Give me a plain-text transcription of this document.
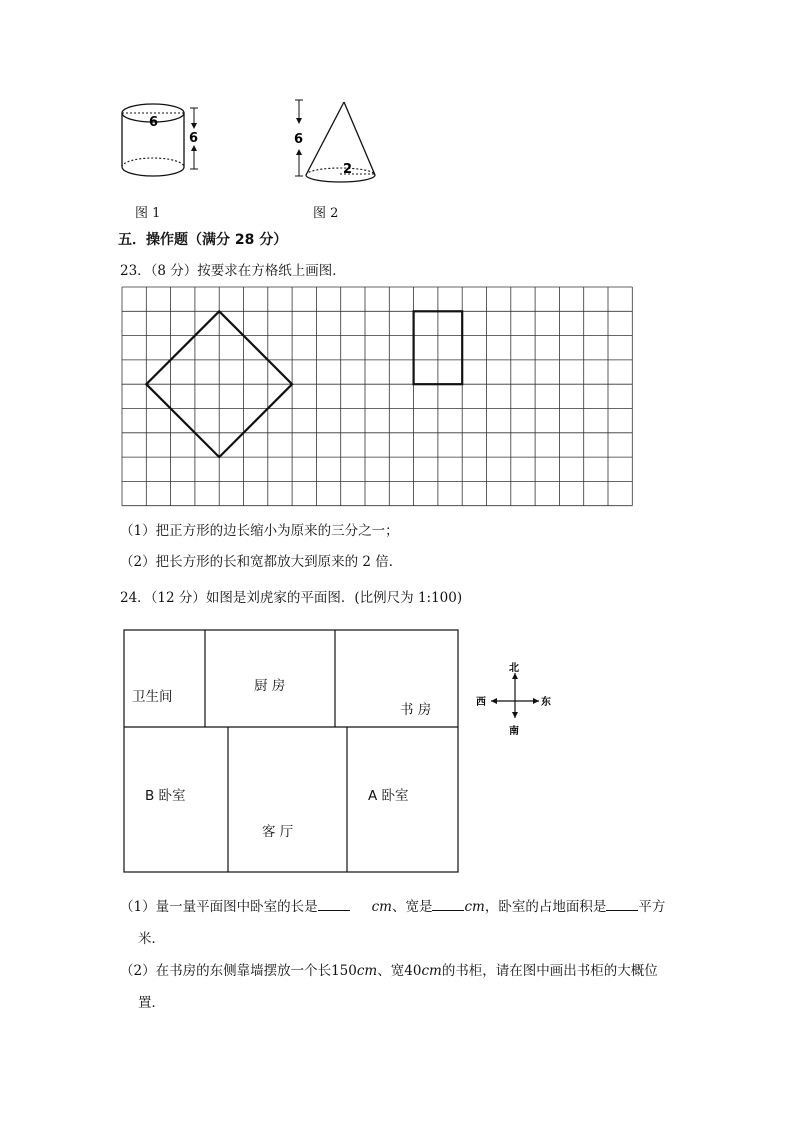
6
6
图 1
6
2
图 2
五．操作题（满分 28 分）
23．（8 分）按要求在方格纸上画图．
（1）把正方形的边长缩小为原来的三分之一；
（2）把长方形的长和宽都放大到原来的 2 倍．
24．（12 分）如图是刘虎家的平面图．(比例尺为 1:100)
卫生间
厨 房
书 房
B 卧室
客 厅
A 卧室
北
南
西	东
（1）量一量平面图中卧室的长是	cm、宽是 cm，卧室的占地面积是 平方
米．
（2）在书房的东侧靠墙摆放一个长150cm、宽40cm的书柜，请在图中画出书柜的大概位
置．
